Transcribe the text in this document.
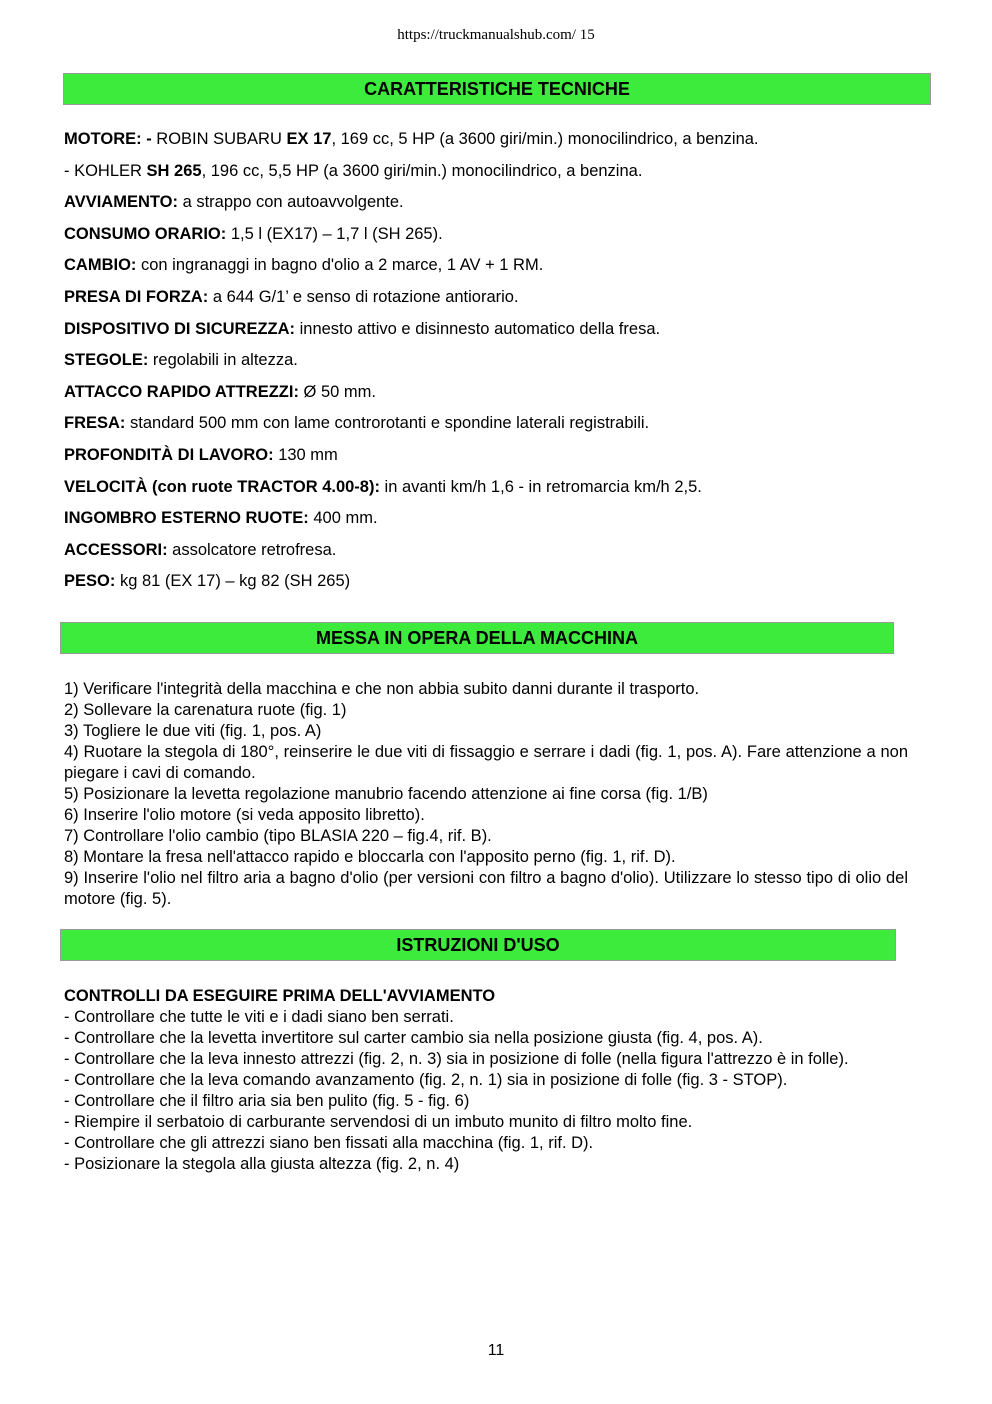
https://truckmanualshub.com/ 15
CARATTERISTICHE TECNICHE
MOTORE: - ROBIN SUBARU EX 17, 169 cc, 5 HP (a 3600 giri/min.) monocilindrico, a benzina.
- KOHLER SH 265, 196 cc, 5,5 HP (a 3600 giri/min.) monocilindrico, a benzina.
AVVIAMENTO: a strappo con autoavvolgente.
CONSUMO ORARIO: 1,5 l (EX17) – 1,7 l (SH 265).
CAMBIO: con ingranaggi in bagno d'olio a 2 marce, 1 AV + 1 RM.
PRESA DI FORZA: a 644 G/1’ e senso di rotazione antiorario.
DISPOSITIVO DI SICUREZZA: innesto attivo e disinnesto automatico della fresa.
STEGOLE: regolabili in altezza.
ATTACCO RAPIDO ATTREZZI: Ø 50 mm.
FRESA: standard 500 mm con lame controrotanti e spondine laterali registrabili.
PROFONDITÀ DI LAVORO: 130 mm
VELOCITÀ (con ruote TRACTOR 4.00-8): in avanti km/h 1,6 - in retromarcia km/h 2,5.
INGOMBRO ESTERNO RUOTE: 400 mm.
ACCESSORI: assolcatore retrofresa.
PESO: kg 81 (EX 17) – kg 82 (SH 265)
MESSA IN OPERA DELLA MACCHINA
1) Verificare l'integrità della macchina e che non abbia subito danni durante il trasporto.
2) Sollevare la carenatura ruote (fig. 1)
3) Togliere le due viti (fig. 1, pos. A)
4) Ruotare la stegola di 180°, reinserire le due viti di fissaggio e serrare i dadi (fig. 1, pos. A). Fare attenzione a non piegare i cavi di comando.
5) Posizionare la levetta regolazione manubrio facendo attenzione ai fine corsa (fig. 1/B)
6) Inserire l'olio motore (si veda apposito libretto).
7) Controllare l'olio cambio (tipo BLASIA 220 – fig.4, rif. B).
8) Montare la fresa nell'attacco rapido e bloccarla con l'apposito perno (fig. 1, rif. D).
9) Inserire l'olio nel filtro aria a bagno d'olio (per versioni con filtro a bagno d'olio). Utilizzare lo stesso tipo di olio del motore (fig. 5).
ISTRUZIONI D'USO
CONTROLLI DA ESEGUIRE PRIMA DELL'AVVIAMENTO
- Controllare che tutte le viti e i dadi siano ben serrati.
- Controllare che la levetta invertitore sul carter cambio sia nella posizione giusta (fig. 4, pos. A).
- Controllare che la leva innesto attrezzi (fig. 2, n. 3) sia in posizione di folle (nella figura l'attrezzo è in folle).
- Controllare che la leva comando avanzamento (fig. 2, n. 1) sia in posizione di folle (fig. 3 - STOP).
- Controllare che il filtro aria sia ben pulito (fig. 5 - fig. 6)
- Riempire il serbatoio di carburante servendosi di un imbuto munito di filtro molto fine.
- Controllare che gli attrezzi siano ben fissati alla macchina (fig. 1, rif. D).
- Posizionare la stegola alla giusta altezza (fig. 2, n. 4)
11
